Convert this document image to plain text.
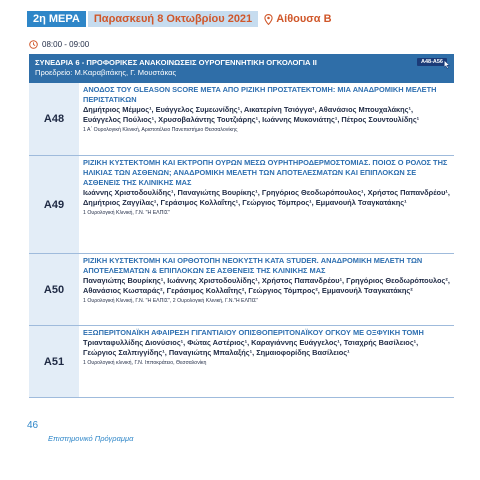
2η ΜΕΡΑ	Παρασκευή 8 Οκτωβρίου 2021	Αίθουσα Β
08:00 - 09:00
ΣΥΝΕΔΡΙΑ 6 - ΠΡΟΦΟΡΙΚΕΣ ΑΝΑΚΟΙΝΩΣΕΙΣ ΟΥΡΟΓΕΝΝΗΤΙΚΗ ΟΓΚΟΛΟΓΙΑ ΙΙ
Προεδρείο: Μ.Καραβιτάκης, Γ. Μουστάκας
Α48-Α56
A48
ΑΝΟΔΟΣ ΤΟΥ GLEASON SCORE ΜΕΤΑ ΑΠΟ ΡΙΖΙΚΗ ΠΡΟΣΤΑΤΕΚΤΟΜΗ: ΜΙΑ ΑΝΑΔΡΟΜΙΚΗ ΜΕΛΕΤΗ ΠΕΡΙΣΤΑΤΙΚΩΝ
Δημήτριος Μέμμος¹, Ευάγγελος Συμεωνίδης¹, Αικατερίνη Τσιόγγα¹, Αθανάσιος Μπουχαλάκης¹, Ευάγγελος Πούλιος¹, Χρυσοβαλάντης Τουτζιάρης¹, Ιωάννης Μυκονιάτης¹, Πέτρος Σουντουλίδης¹
1 Α΄ Ουρολογική Κλινική, Αριστοτέλειο Πανεπιστήμιο Θεσσαλονίκης
A49
ΡΙΖΙΚΗ ΚΥΣΤΕΚΤΟΜΗ ΚΑΙ ΕΚΤΡΟΠΗ ΟΥΡΩΝ ΜΕΣΩ ΟΥΡΗΤΗΡΟΔΕΡΜΟΣΤΟΜΙΑΣ. ΠΟΙΟΣ Ο ΡΟΛΟΣ ΤΗΣ ΗΛΙΚΙΑΣ ΤΩΝ ΑΣΘΕΝΩΝ; ΑΝΑΔΡΟΜΙΚΗ ΜΕΛΕΤΗ ΤΩΝ ΑΠΟΤΕΛΕΣΜΑΤΩΝ ΚΑΙ ΕΠΙΠΛΟΚΩΝ ΣΕ ΑΣΘΕΝΕΙΣ ΤΗΣ ΚΛΙΝΙΚΗΣ ΜΑΣ
Ιωάννης Χριστοδουλίδης¹, Παναγιώτης Βουρίκης¹, Γρηγόριος Θεοδωρόπουλος¹, Χρήστος Παπανδρέου¹, Δημήτριος Ζαγγίλας¹, Γεράσιμος Κολλαΐτης¹, Γεώργιος Τόμπρος¹, Εμμανουήλ Τσαγκατάκης¹
1 Ουρολογική Κλινική, Γ.Ν. "Η ΕΛΠΙΣ"
A50
ΡΙΖΙΚΗ ΚΥΣΤΕΚΤΟΜΗ ΚΑΙ ΟΡΘΟΤΟΠΗ ΝΕΟΚΥΣΤΗ ΚΑΤΑ STUDER. ΑΝΑΔΡΟΜΙΚΗ ΜΕΛΕΤΗ ΤΩΝ ΑΠΟΤΕΛΕΣΜΑΤΩΝ & ΕΠΙΠΛΟΚΩΝ ΣΕ ΑΣΘΕΝΕΙΣ ΤΗΣ ΚΛΙΝΙΚΗΣ ΜΑΣ
Παναγιώτης Βουρίκης¹, Ιωάννης Χριστοδουλίδης¹, Χρήστος Παπανδρέου¹, Γρηγόριος Θεοδωρόπουλος², Αθανάσιος Κωσταράς², Γεράσιμος Κολλαΐτης², Γεώργιος Τόμπρος², Εμμανουήλ Τσαγκατάκης²
1 Ουρολογική Κλινική, Γ.Ν. "Η ΕΛΠΙΣ", 2 Ουρολογική Κλινική, Γ.Ν."Η ΕΛΠΙΣ"
A51
ΕΞΩΠΕΡΙΤΟΝΑΪΚΗ ΑΦΑΙΡΕΣΗ ΓΙΓΑΝΤΙΑΙΟΥ ΟΠΙΣΘΟΠΕΡΙΤΟΝΑΪΚΟΥ ΟΓΚΟΥ ΜΕ ΟΞΦΥΙΚΗ ΤΟΜΗ
Τριανταφυλλίδης Διονύσιος¹, Φώτας Αστέριος¹, Καραγιάννης Ευάγγελος¹, Τσιαχρής Βασίλειος¹, Γεώργιος Σαλπιγγίδης¹, Παναγιώτης Μπαλαξής¹, Σημαιοφορίδης Βασίλειος¹
1 Ουρολογική κλινική, Γ.Ν. Ιπποκράτειο, Θεσσαλονίκη
46
Επιστημονικό Πρόγραμμα
